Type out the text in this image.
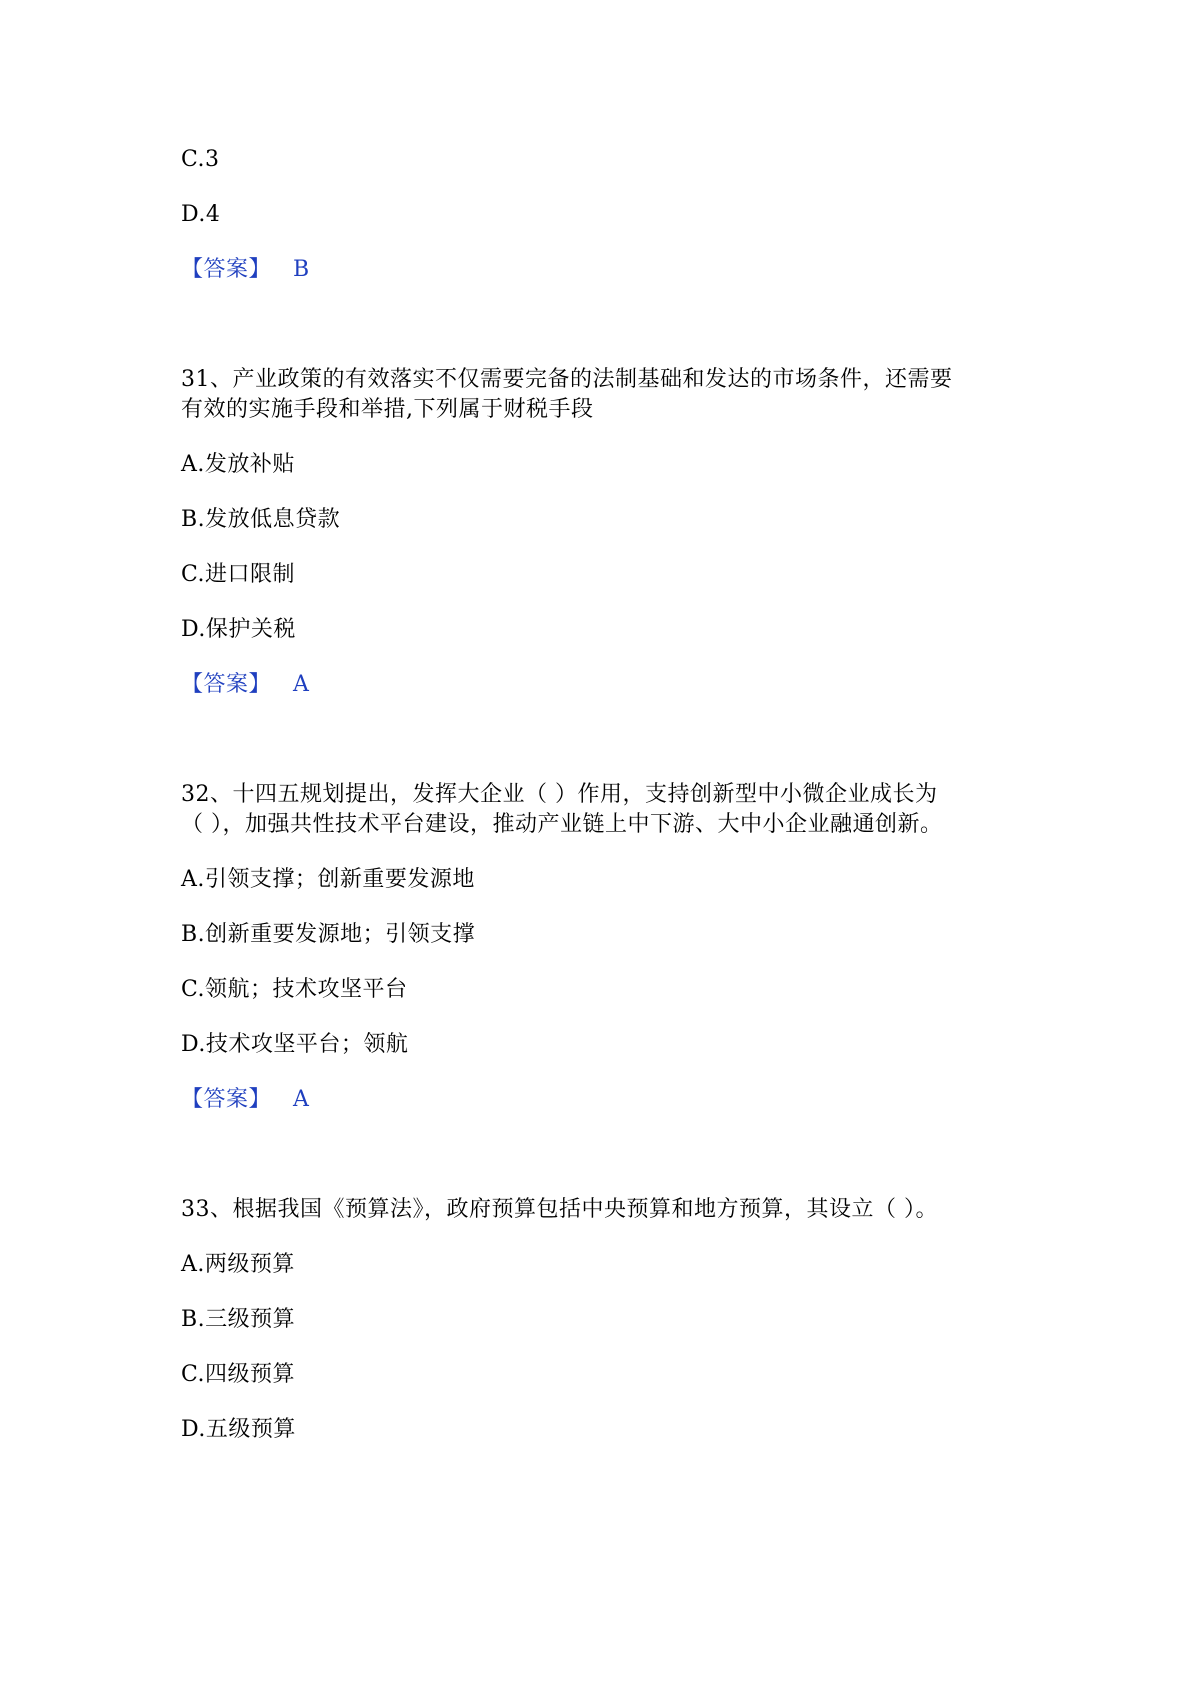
C.3
D.4
【答案】 B
31、产业政策的有效落实不仅需要完备的法制基础和发达的市场条件，还需要
有效的实施手段和举措,下列属于财税手段
A.发放补贴
B.发放低息贷款
C.进口限制
D.保护关税
【答案】 A
32、十四五规划提出，发挥大企业（ ）作用，支持创新型中小微企业成长为
（ ），加强共性技术平台建设，推动产业链上中下游、大中小企业融通创新。
A.引领支撑；创新重要发源地
B.创新重要发源地；引领支撑
C.领航；技术攻坚平台
D.技术攻坚平台；领航
【答案】 A
33、根据我国《预算法》，政府预算包括中央预算和地方预算，其设立（ ）。
A.两级预算
B.三级预算
C.四级预算
D.五级预算
